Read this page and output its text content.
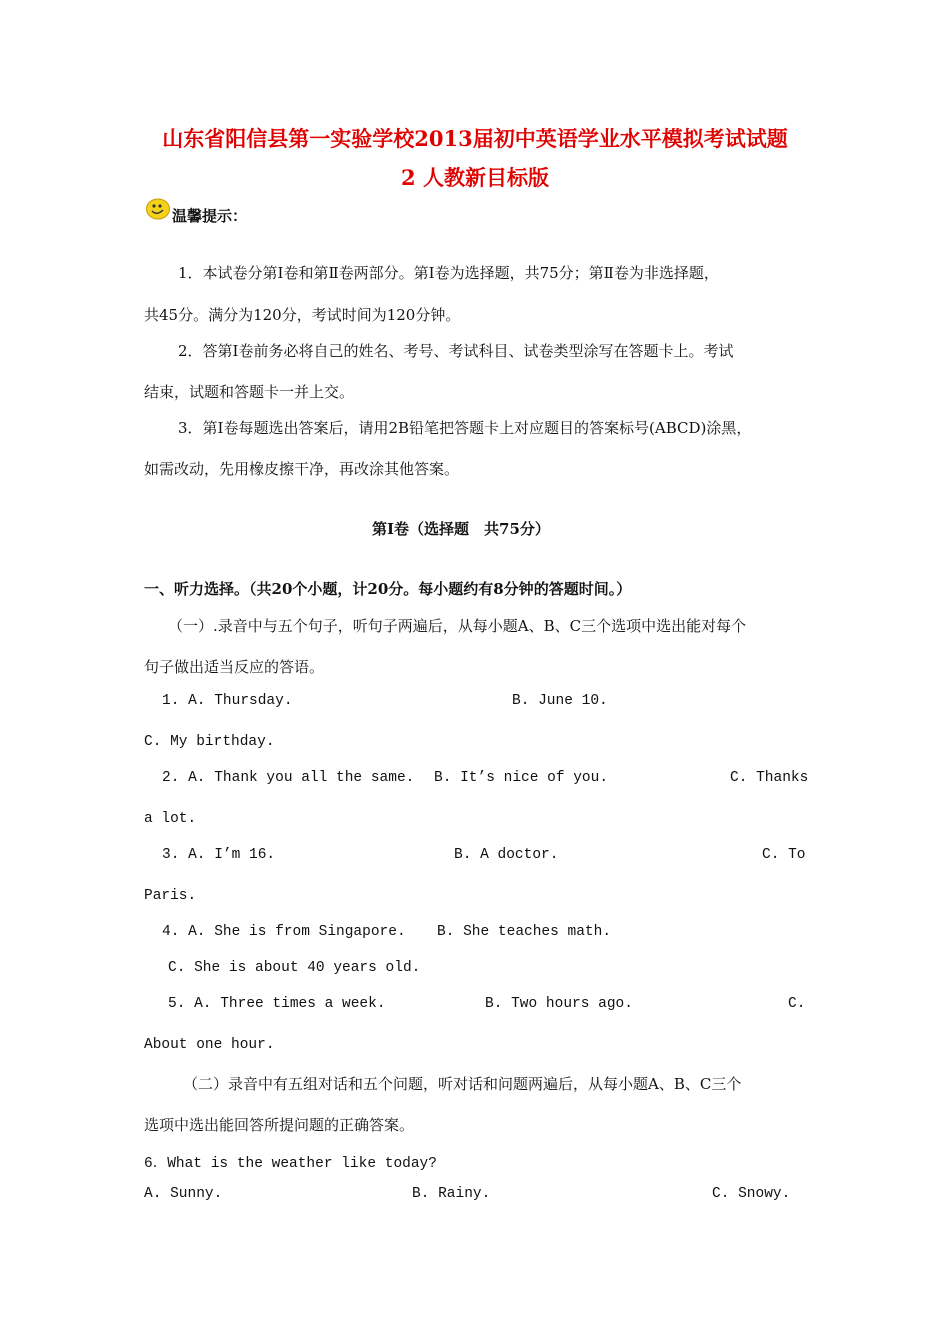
山东省阳信县第一实验学校2013届初中英语学业水平模拟考试试题
2 人教新目标版
温馨提示：
1．本试卷分第Ⅰ卷和第Ⅱ卷两部分。第Ⅰ卷为选择题，共75分；第Ⅱ卷为非选择题，
共45分。满分为120分，考试时间为120分钟。
2．答第Ⅰ卷前务必将自己的姓名、考号、考试科目、试卷类型涂写在答题卡上。考试
结束，试题和答题卡一并上交。
3．第Ⅰ卷每题选出答案后，请用2B铅笔把答题卡上对应题目的答案标号(ABCD)涂黑，
如需改动，先用橡皮擦干净，再改涂其他答案。
第I卷（选择题　共75分）
一、听力选择。（共20个小题，计20分。每小题约有8分钟的答题时间。）
（一）.录音中与五个句子，听句子两遍后，从每小题A、B、C三个选项中选出能对每个
句子做出适当反应的答语。
1. A. Thursday.	B. June 10.
C. My birthday.
2. A. Thank you all the same. B. It’s nice of you.	C. Thanks
a lot.
3. A. I’m 16.	B. A doctor.	C. To
Paris.
4. A. She is from Singapore. B. She teaches math.
C. She is about 40 years old.
5. A. Three times a week.	B. Two hours ago.	C.
About one hour.
（二）录音中有五组对话和五个问题，听对话和问题两遍后，从每小题A、B、C三个
选项中选出能回答所提问题的正确答案。
6．What is the weather like today?
A. Sunny.	B. Rainy.	C. Snowy.
